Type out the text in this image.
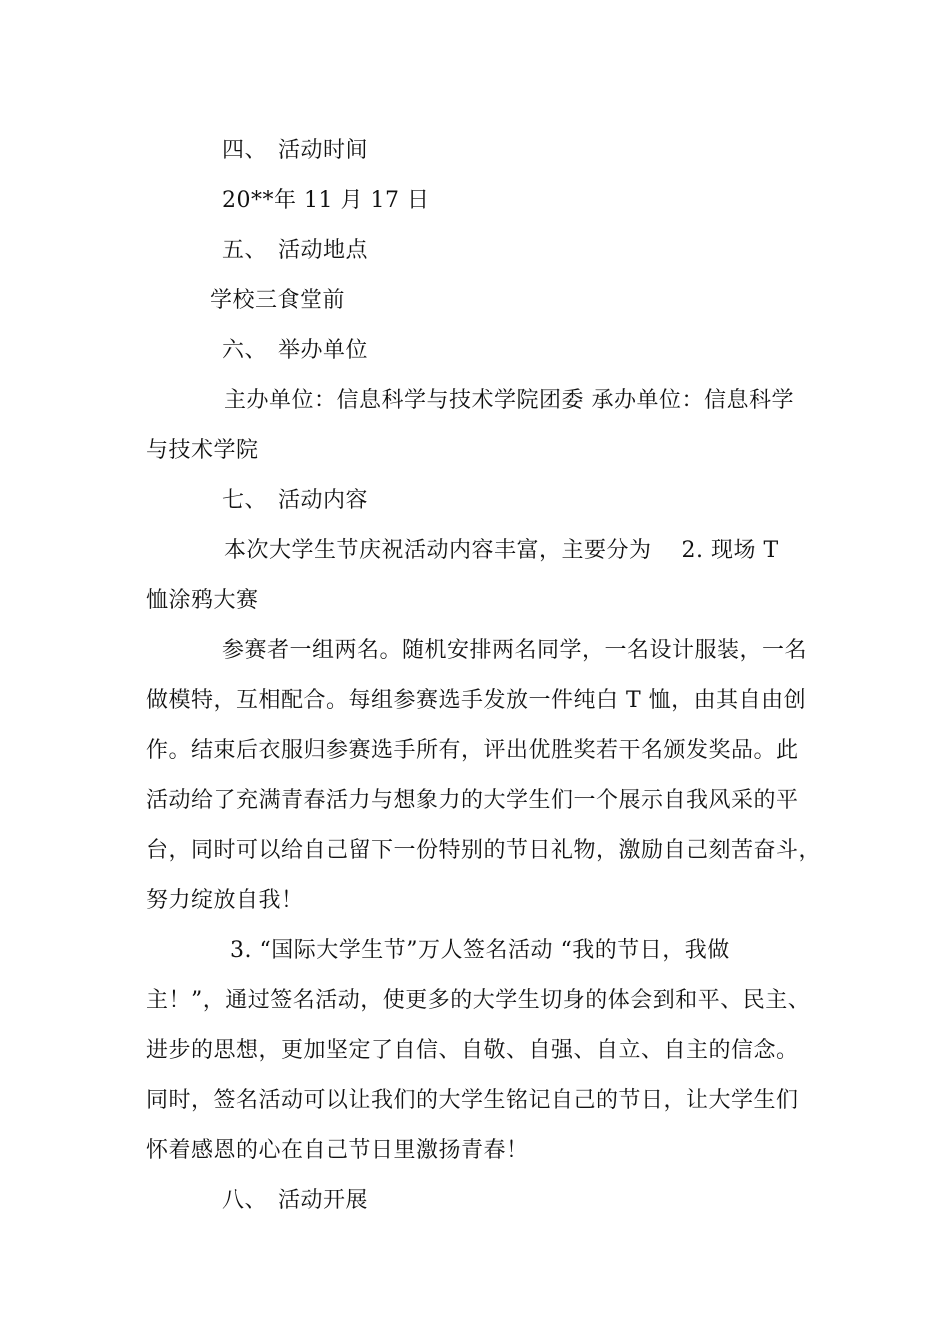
四、 活动时间
20**年 11 月 17 日
五、 活动地点
学校三食堂前
六、 举办单位
主办单位：信息科学与技术学院团委 承办单位：信息科学
与技术学院
七、 活动内容
本次大学生节庆祝活动内容丰富，主要分为    2. 现场 T
恤涂鸦大赛
参赛者一组两名。随机安排两名同学，一名设计服装，一名
做模特，互相配合。每组参赛选手发放一件纯白 T 恤，由其自由创
作。结束后衣服归参赛选手所有，评出优胜奖若干名颁发奖品。此
活动给了充满青春活力与想象力的大学生们一个展示自我风采的平
台，同时可以给自己留下一份特别的节日礼物，激励自己刻苦奋斗，
努力绽放自我！
3. “国际大学生节”万人签名活动 “我的节日，我做
主！”，通过签名活动，使更多的大学生切身的体会到和平、民主、
进步的思想，更加坚定了自信、自敬、自强、自立、自主的信念。
同时，签名活动可以让我们的大学生铭记自己的节日，让大学生们
怀着感恩的心在自己节日里激扬青春！
八、 活动开展
